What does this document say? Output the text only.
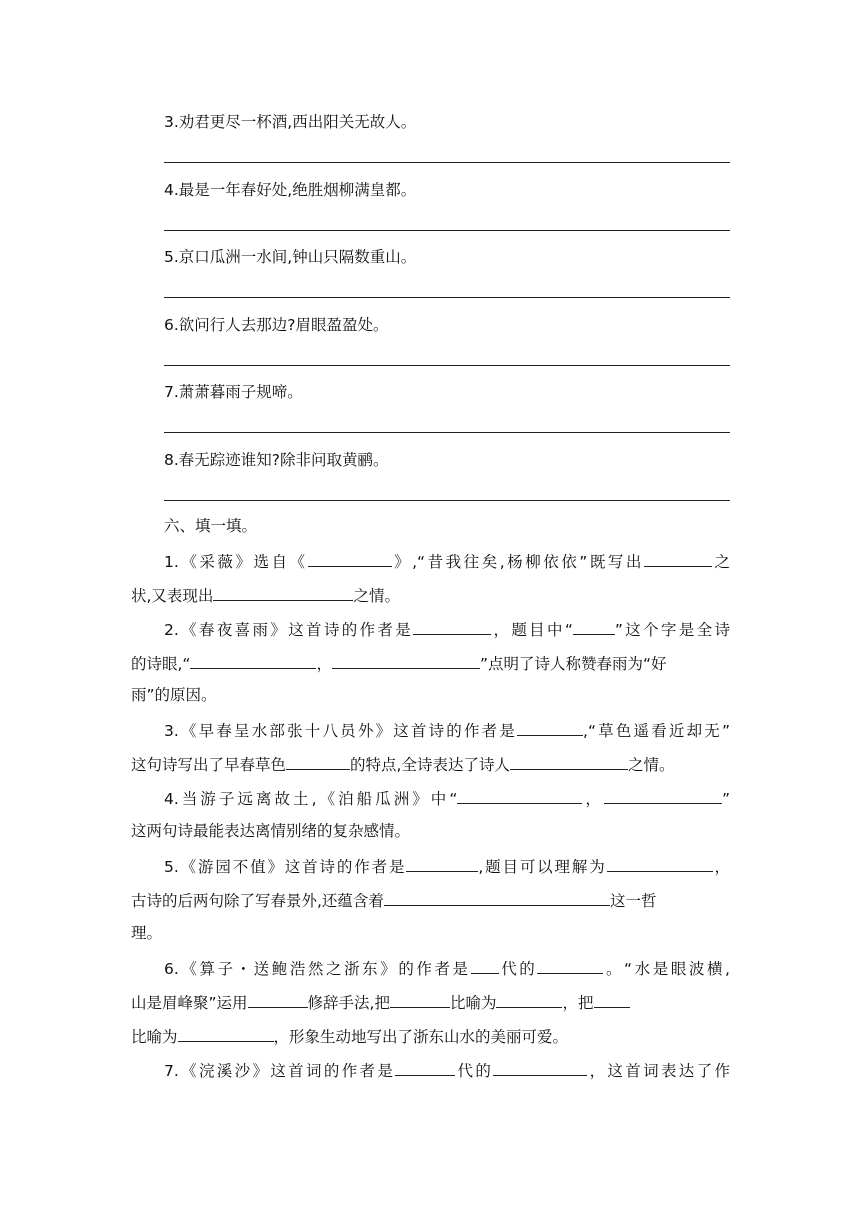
3.劝君更尽一杯酒,西出阳关无故人。
4.最是一年春好处,绝胜烟柳满皇都。
5.京口瓜洲一水间,钟山只隔数重山。
6.欲问行人去那边?眉眼盈盈处。
7.萧萧暮雨子规啼。
8.春无踪迹谁知?除非问取黄鹂。
六、填一填。
1.《采薇》选自《	》,“昔我往矣,杨柳依依”既写出	之
状,又表现出	之情。
2.《春夜喜雨》这首诗的作者是	，题目中“	”这个字是全诗
的诗眼,“	，	”点明了诗人称赞春雨为“好
雨”的原因。
3.《早春呈水部张十八员外》这首诗的作者是	,“草色遥看近却无”
这句诗写出了早春草色	的特点,全诗表达了诗人	之情。
4.当游子远离故土,《泊船瓜洲》中“	，	”
这两句诗最能表达离情别绪的复杂感情。
5.《游园不值》这首诗的作者是	,题目可以理解为	，
古诗的后两句除了写春景外,还蕴含着	这一哲
理。
6.《算子・送鲍浩然之浙东》的作者是 代的	。“水是眼波横,
山是眉峰聚”运用	修辞手法,把	比喻为	，把
比喻为	，形象生动地写出了浙东山水的美丽可爱。
7.《浣溪沙》这首词的作者是	代的	，这首词表达了作
